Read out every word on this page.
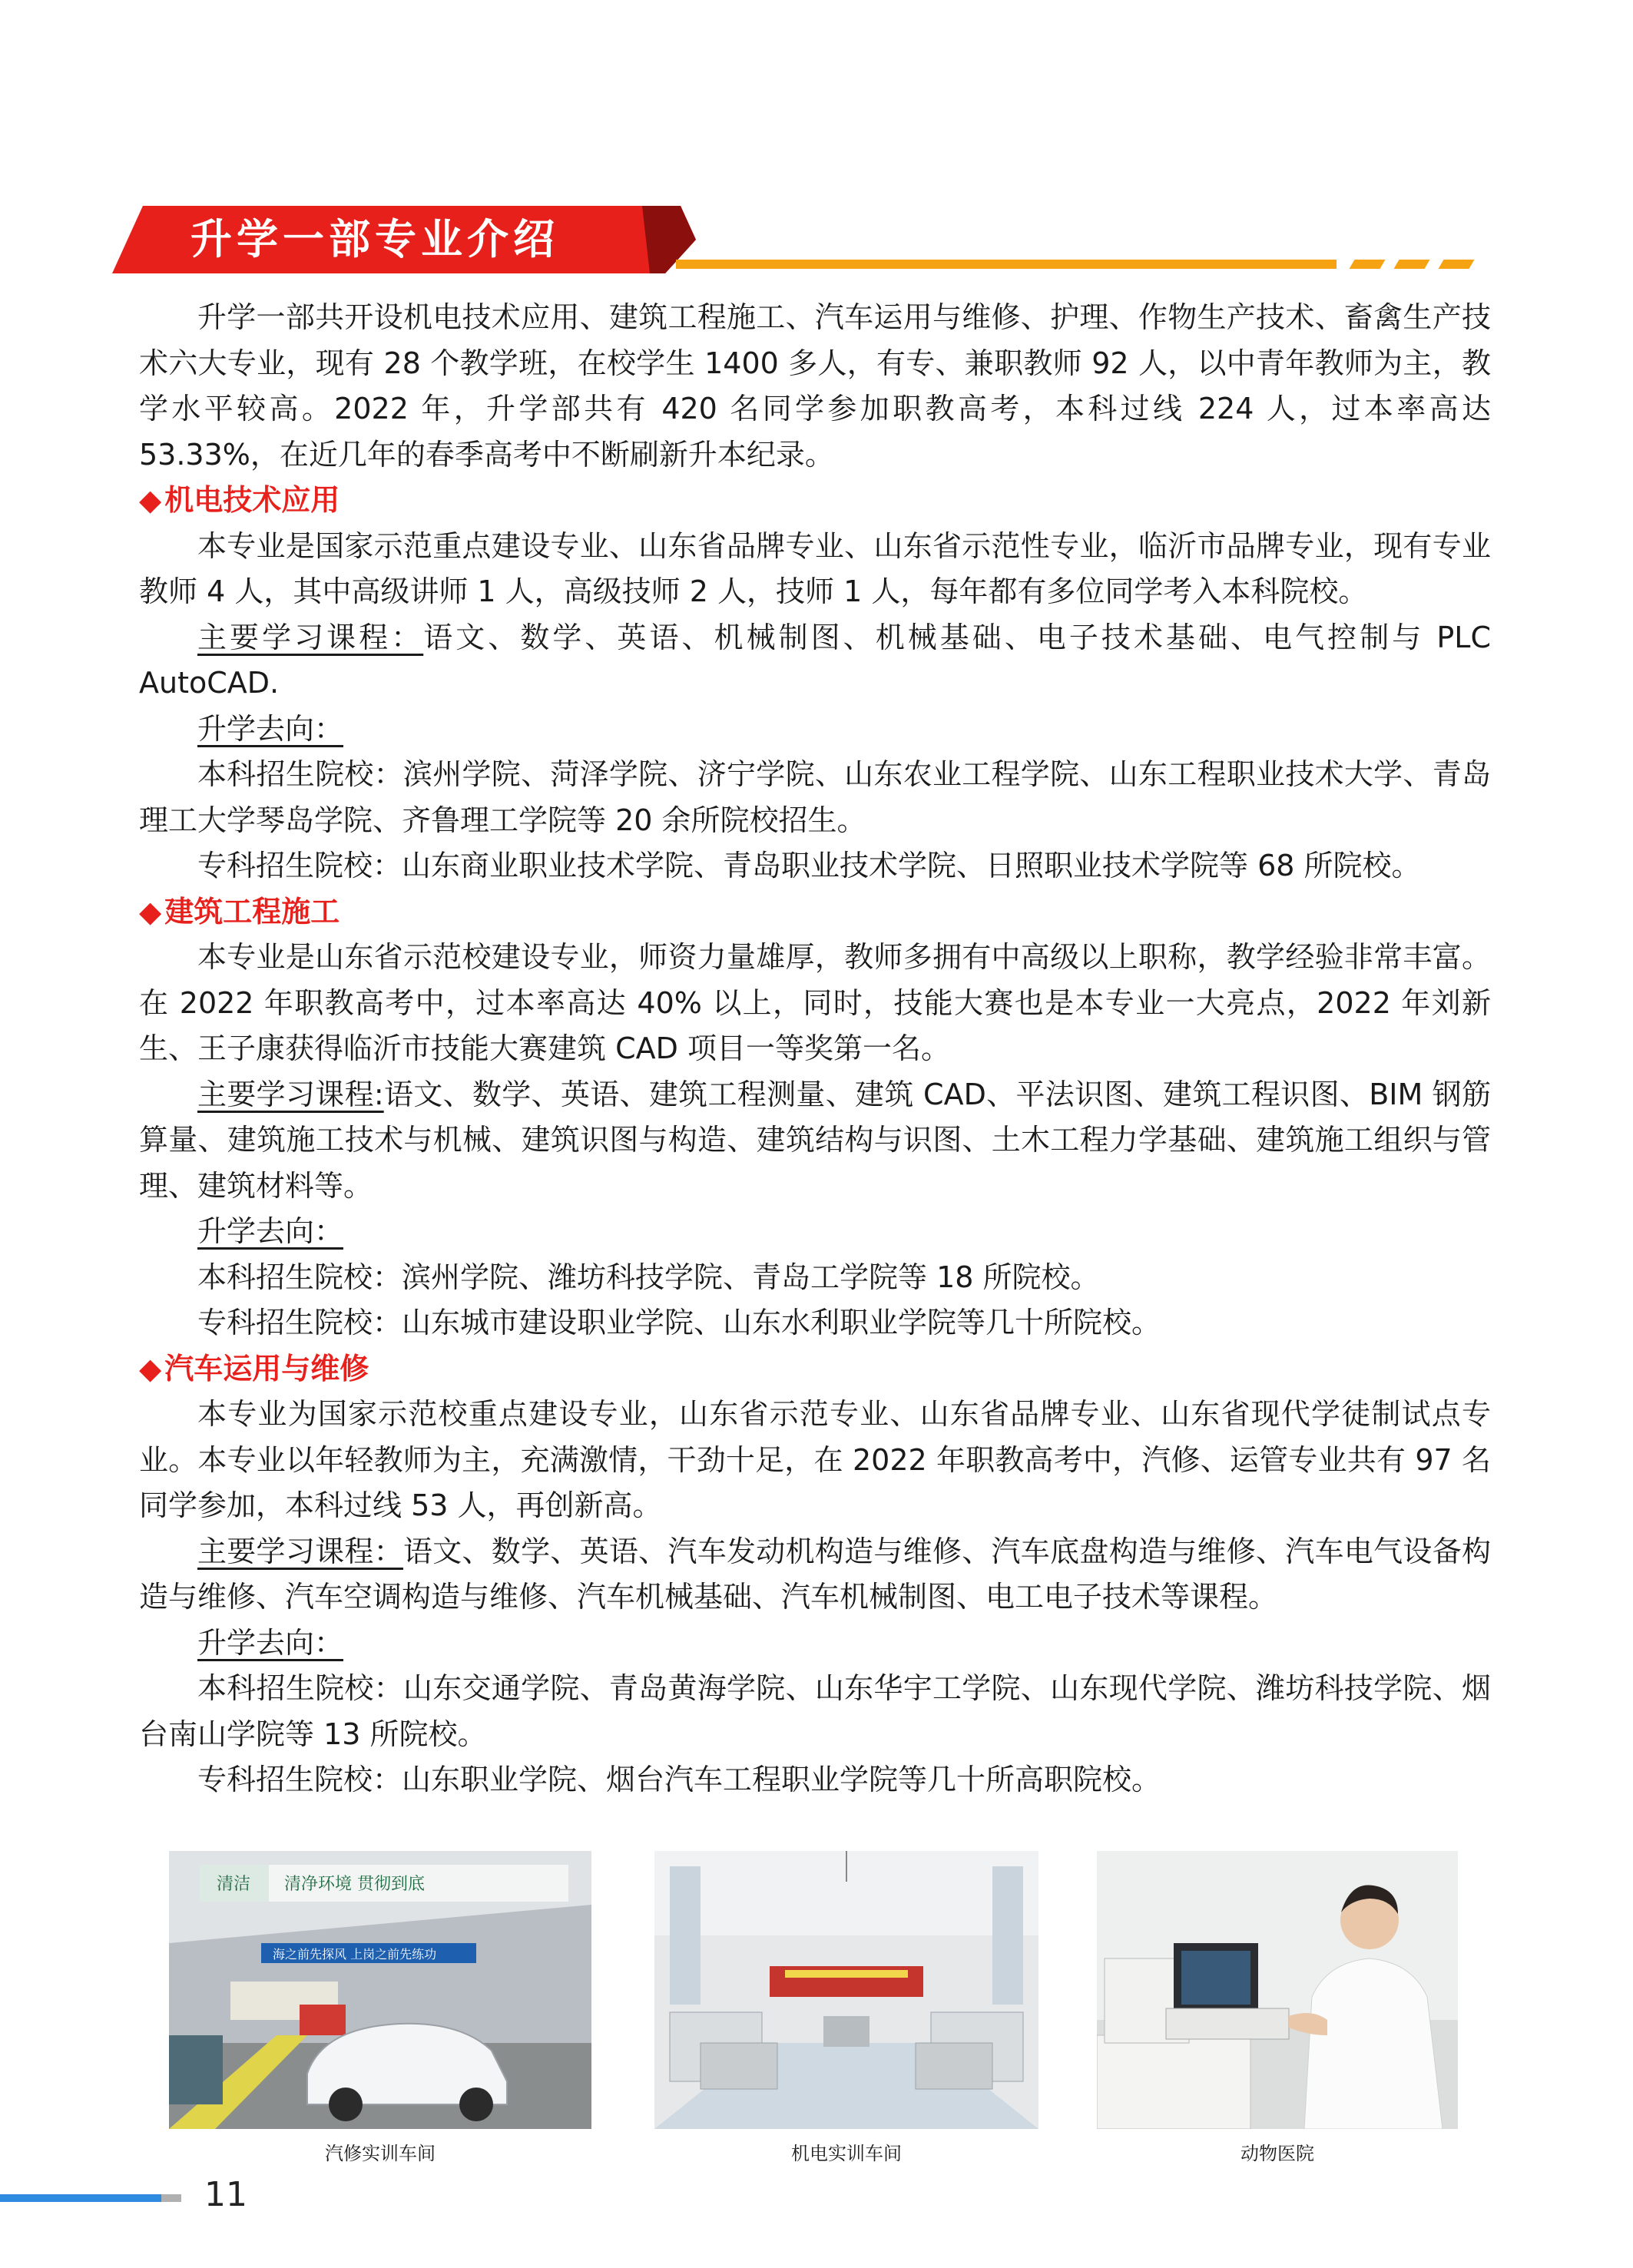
升学一部专业介绍

升学一部共开设机电技术应用、建筑工程施工、汽车运用与维修、护理、作物生产技术、畜禽生产技术六大专业，现有 28 个教学班，在校学生 1400 多人，有专、兼职教师 92 人，以中青年教师为主，教学水平较高。2022 年，升学部共有 420 名同学参加职教高考，本科过线 224 人，过本率高达 53.33%，在近几年的春季高考中不断刷新升本纪录。

◆ 机电技术应用

本专业是国家示范重点建设专业、山东省品牌专业、山东省示范性专业，临沂市品牌专业，现有专业教师 4 人，其中高级讲师 1 人，高级技师 2 人，技师 1 人，每年都有多位同学考入本科院校。

主要学习课程：语文、数学、英语、机械制图、机械基础、电子技术基础、电气控制与 PLC AutoCAD.

升学去向：

本科招生院校：滨州学院、菏泽学院、济宁学院、山东农业工程学院、山东工程职业技术大学、青岛理工大学琴岛学院、齐鲁理工学院等 20 余所院校招生。

专科招生院校：山东商业职业技术学院、青岛职业技术学院、日照职业技术学院等 68 所院校。

◆ 建筑工程施工

本专业是山东省示范校建设专业，师资力量雄厚，教师多拥有中高级以上职称，教学经验非常丰富。在 2022 年职教高考中，过本率高达 40% 以上，同时，技能大赛也是本专业一大亮点，2022 年刘新生、王子康获得临沂市技能大赛建筑 CAD 项目一等奖第一名。

主要学习课程:语文、数学、英语、建筑工程测量、建筑 CAD、平法识图、建筑工程识图、BIM 钢筋算量、建筑施工技术与机械、建筑识图与构造、建筑结构与识图、土木工程力学基础、建筑施工组织与管理、建筑材料等。

升学去向：

本科招生院校：滨州学院、潍坊科技学院、青岛工学院等 18 所院校。

专科招生院校：山东城市建设职业学院、山东水利职业学院等几十所院校。

◆ 汽车运用与维修

本专业为国家示范校重点建设专业，山东省示范专业、山东省品牌专业、山东省现代学徒制试点专业。本专业以年轻教师为主，充满激情，干劲十足，在 2022 年职教高考中，汽修、运管专业共有 97 名同学参加，本科过线 53 人，再创新高。

主要学习课程：语文、数学、英语、汽车发动机构造与维修、汽车底盘构造与维修、汽车电气设备构造与维修、汽车空调构造与维修、汽车机械基础、汽车机械制图、电工电子技术等课程。

升学去向：

本科招生院校：山东交通学院、青岛黄海学院、山东华宇工学院、山东现代学院、潍坊科技学院、烟台南山学院等 13 所院校。

专科招生院校：山东职业学院、烟台汽车工程职业学院等几十所高职院校。

清洁 清净环境 贯彻到底
海之前先探风 上岗之前先练功
汽修实训车间	机电实训车间	动物医院
11
